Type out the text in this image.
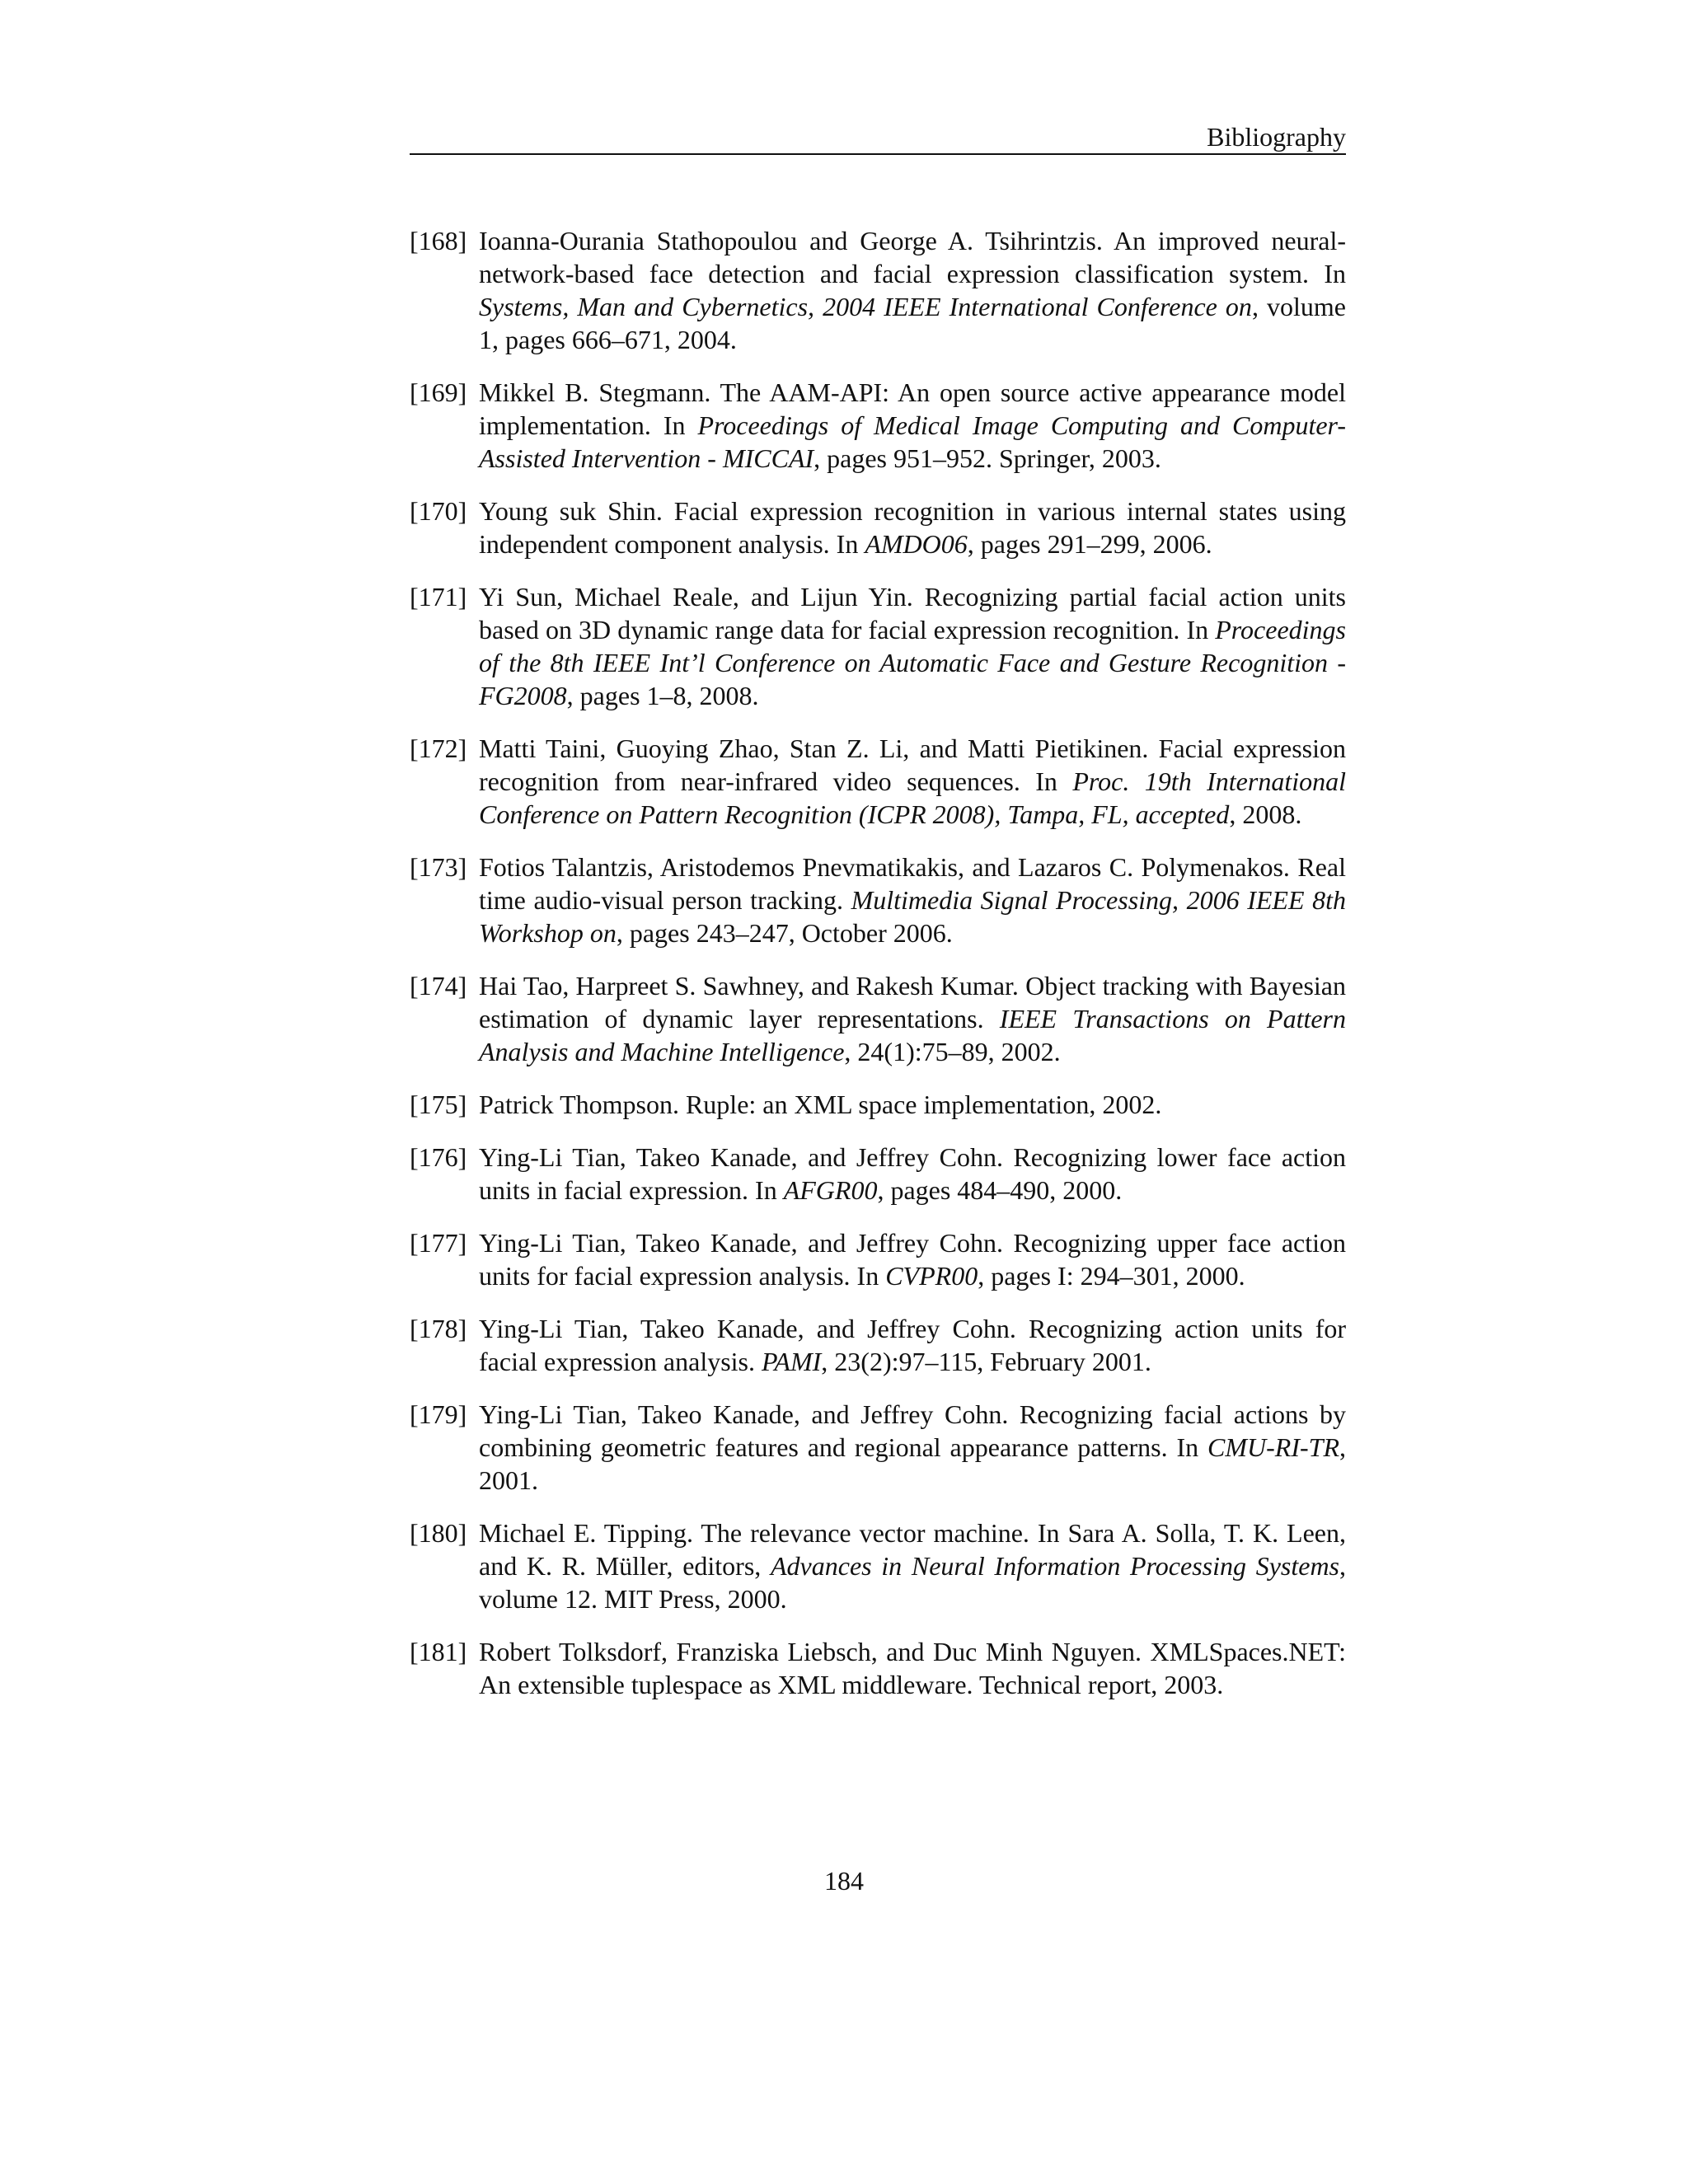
Bibliography
[168] Ioanna-Ourania Stathopoulou and George A. Tsihrintzis. An improved neural-network-based face detection and facial expression classification system. In Systems, Man and Cybernetics, 2004 IEEE International Conference on, volume 1, pages 666–671, 2004.
[169] Mikkel B. Stegmann. The AAM-API: An open source active appearance model implementation. In Proceedings of Medical Image Computing and Computer-Assisted Intervention - MICCAI, pages 951–952. Springer, 2003.
[170] Young suk Shin. Facial expression recognition in various internal states using independent component analysis. In AMDO06, pages 291–299, 2006.
[171] Yi Sun, Michael Reale, and Lijun Yin. Recognizing partial facial action units based on 3D dynamic range data for facial expression recognition. In Proceedings of the 8th IEEE Int’l Conference on Automatic Face and Gesture Recognition - FG2008, pages 1–8, 2008.
[172] Matti Taini, Guoying Zhao, Stan Z. Li, and Matti Pietikinen. Facial expression recognition from near-infrared video sequences. In Proc. 19th International Conference on Pattern Recognition (ICPR 2008), Tampa, FL, accepted, 2008.
[173] Fotios Talantzis, Aristodemos Pnevmatikakis, and Lazaros C. Polymenakos. Real time audio-visual person tracking. Multimedia Signal Processing, 2006 IEEE 8th Workshop on, pages 243–247, October 2006.
[174] Hai Tao, Harpreet S. Sawhney, and Rakesh Kumar. Object tracking with Bayesian estimation of dynamic layer representations. IEEE Transactions on Pattern Analysis and Machine Intelligence, 24(1):75–89, 2002.
[175] Patrick Thompson. Ruple: an XML space implementation, 2002.
[176] Ying-Li Tian, Takeo Kanade, and Jeffrey Cohn. Recognizing lower face action units in facial expression. In AFGR00, pages 484–490, 2000.
[177] Ying-Li Tian, Takeo Kanade, and Jeffrey Cohn. Recognizing upper face action units for facial expression analysis. In CVPR00, pages I: 294–301, 2000.
[178] Ying-Li Tian, Takeo Kanade, and Jeffrey Cohn. Recognizing action units for facial expression analysis. PAMI, 23(2):97–115, February 2001.
[179] Ying-Li Tian, Takeo Kanade, and Jeffrey Cohn. Recognizing facial actions by combining geometric features and regional appearance patterns. In CMU-RI-TR, 2001.
[180] Michael E. Tipping. The relevance vector machine. In Sara A. Solla, T. K. Leen, and K. R. Müller, editors, Advances in Neural Information Processing Systems, volume 12. MIT Press, 2000.
[181] Robert Tolksdorf, Franziska Liebsch, and Duc Minh Nguyen. XMLSpaces.NET: An extensible tuplespace as XML middleware. Technical report, 2003.
184
